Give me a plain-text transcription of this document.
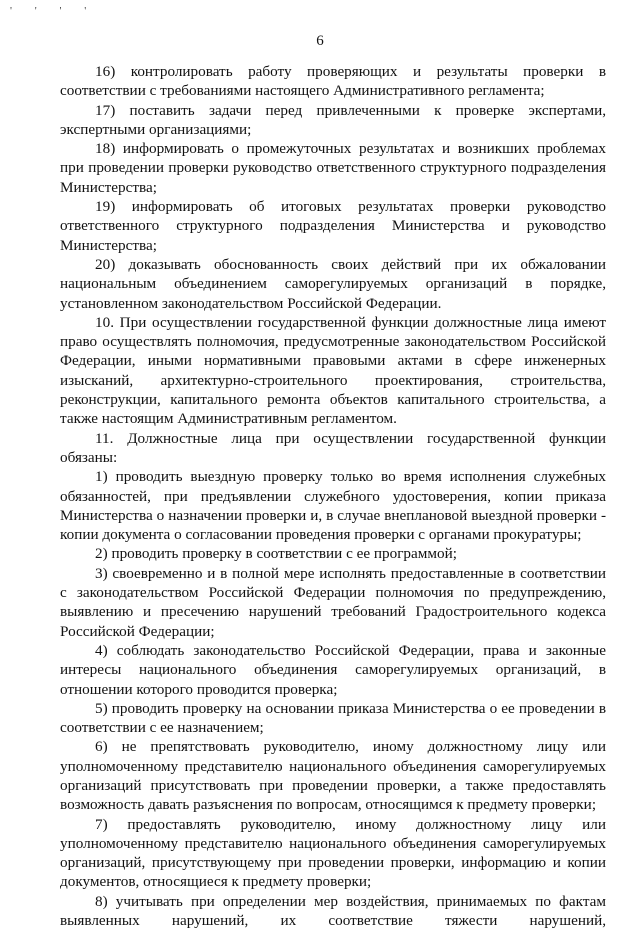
' ' ' '
6

16) контролировать работу проверяющих и результаты проверки в соответствии с требованиями настоящего Административного регламента;

17) поставить задачи перед привлеченными к проверке экспертами, экспертными организациями;

18) информировать о промежуточных результатах и возникших проблемах при проведении проверки руководство ответственного структурного подразделения Министерства;

19) информировать об итоговых результатах проверки руководство ответственного структурного подразделения Министерства и руководство Министерства;

20) доказывать обоснованность своих действий при их обжаловании национальным объединением саморегулируемых организаций в порядке, установленном законодательством Российской Федерации.

10. При осуществлении государственной функции должностные лица имеют право осуществлять полномочия, предусмотренные законодательством Российской Федерации, иными нормативными правовыми актами в сфере инженерных изысканий, архитектурно-строительного проектирования, строительства, реконструкции, капитального ремонта объектов капитального строительства, а также настоящим Административным регламентом.

11. Должностные лица при осуществлении государственной функции обязаны:

1) проводить выездную проверку только во время исполнения служебных обязанностей, при предъявлении служебного удостоверения, копии приказа Министерства о назначении проверки и, в случае внеплановой выездной проверки - копии документа о согласовании проведения проверки с органами прокуратуры;

2) проводить проверку в соответствии с ее программой;

3) своевременно и в полной мере исполнять предоставленные в соответствии с законодательством Российской Федерации полномочия по предупреждению, выявлению и пресечению нарушений требований Градостроительного кодекса Российской Федерации;

4) соблюдать законодательство Российской Федерации, права и законные интересы национального объединения саморегулируемых организаций, в отношении которого проводится проверка;

5) проводить проверку на основании приказа Министерства о ее проведении в соответствии с ее назначением;

6) не препятствовать руководителю, иному должностному лицу или уполномоченному представителю национального объединения саморегулируемых организаций присутствовать при проведении проверки, а также предоставлять возможность давать разъяснения по вопросам, относящимся к предмету проверки;

7) предоставлять руководителю, иному должностному лицу или уполномоченному представителю национального объединения саморегулируемых организаций, присутствующему при проведении проверки, информацию и копии документов, относящиеся к предмету проверки;

8) учитывать при определении мер воздействия, принимаемых по фактам выявленных нарушений, их соответствие тяжести нарушений,
